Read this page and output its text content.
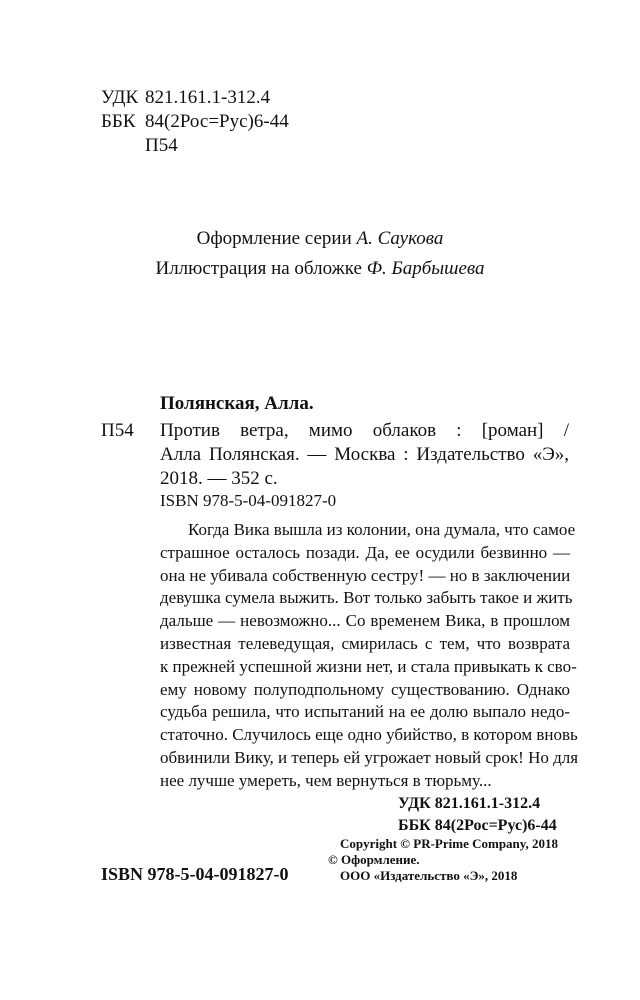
УДК 821.161.1-312.4
ББК 84(2Рос=Рус)6-44
П54
Оформление серии А. Саукова
Иллюстрация на обложке Ф. Барбышева
Полянская, Алла.
П54 Против ветра, мимо облаков : [роман] /
Алла Полянская. — Москва : Издательство «Э»,
2018. — 352 с.
ISBN 978-5-04-091827-0
Когда Вика вышла из колонии, она думала, что самое
страшное осталось позади. Да, ее осудили безвинно —
она не убивала собственную сестру! — но в заключении
девушка сумела выжить. Вот только забыть такое и жить
дальше — невозможно... Со временем Вика, в прошлом
известная телеведущая, смирилась с тем, что возврата
к прежней успешной жизни нет, и стала привыкать к сво-
ему новому полуподпольному существованию. Однако
судьба решила, что испытаний на ее долю выпало недо-
статочно. Случилось еще одно убийство, в котором вновь
обвинили Вику, и теперь ей угрожает новый срок! Но для
нее лучше умереть, чем вернуться в тюрьму...
УДК 821.161.1-312.4
ББК 84(2Рос=Рус)6-44
Copyright © PR-Prime Company, 2018
© Оформление.
ООО «Издательство «Э», 2018
ISBN 978-5-04-091827-0
